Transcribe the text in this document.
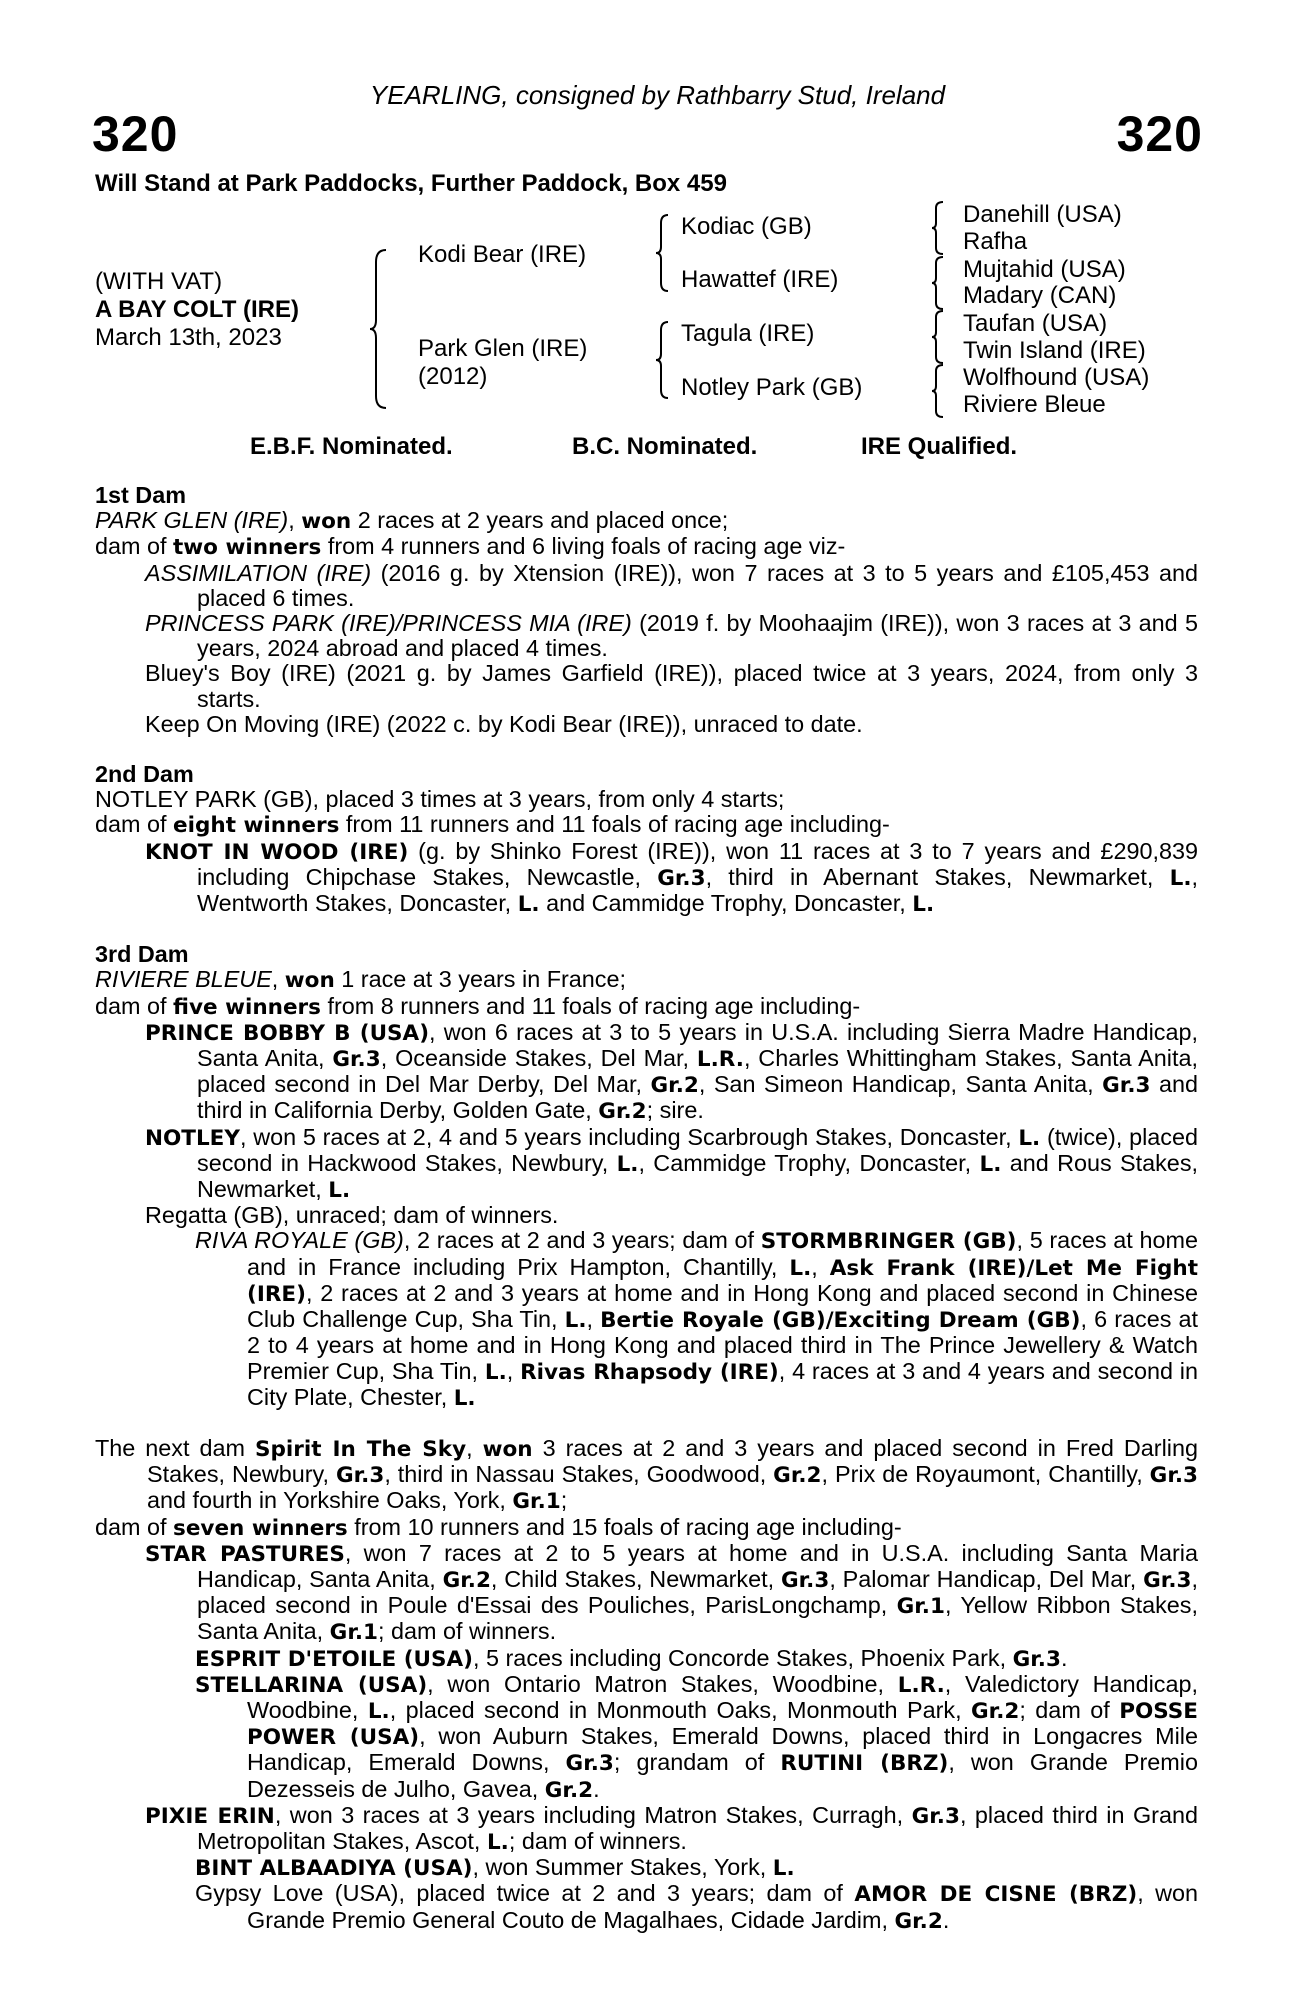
YEARLING, consigned by Rathbarry Stud, Ireland
320	320
Will Stand at Park Paddocks, Further Paddock, Box 459
(WITH VAT)
A BAY COLT (IRE)
March 13th, 2023
Kodi Bear (IRE)
Park Glen (IRE)
(2012)
Kodiac (GB)
Hawattef (IRE)
Tagula (IRE)
Notley Park (GB)
Danehill (USA)
Rafha
Mujtahid (USA)
Madary (CAN)
Taufan (USA)
Twin Island (IRE)
Wolfhound (USA)
Riviere Bleue
E.B.F. Nominated.	B.C. Nominated.	IRE Qualified.
1st Dam
PARK GLEN (IRE), won 2 races at 2 years and placed once;
dam of two winners from 4 runners and 6 living foals of racing age viz-
ASSIMILATION (IRE) (2016 g. by Xtension (IRE)), won 7 races at 3 to 5 years and £105,453 and placed 6 times.
PRINCESS PARK (IRE)/PRINCESS MIA (IRE) (2019 f. by Moohaajim (IRE)), won 3 races at 3 and 5 years, 2024 abroad and placed 4 times.
Bluey's Boy (IRE) (2021 g. by James Garfield (IRE)), placed twice at 3 years, 2024, from only 3 starts.
Keep On Moving (IRE) (2022 c. by Kodi Bear (IRE)), unraced to date.
2nd Dam
NOTLEY PARK (GB), placed 3 times at 3 years, from only 4 starts;
dam of eight winners from 11 runners and 11 foals of racing age including-
KNOT IN WOOD (IRE) (g. by Shinko Forest (IRE)), won 11 races at 3 to 7 years and £290,839 including Chipchase Stakes, Newcastle, Gr.3, third in Abernant Stakes, Newmarket, L., Wentworth Stakes, Doncaster, L. and Cammidge Trophy, Doncaster, L.
3rd Dam
RIVIERE BLEUE, won 1 race at 3 years in France;
dam of five winners from 8 runners and 11 foals of racing age including-
PRINCE BOBBY B (USA), won 6 races at 3 to 5 years in U.S.A. including Sierra Madre Handicap, Santa Anita, Gr.3, Oceanside Stakes, Del Mar, L.R., Charles Whittingham Stakes, Santa Anita, placed second in Del Mar Derby, Del Mar, Gr.2, San Simeon Handicap, Santa Anita, Gr.3 and third in California Derby, Golden Gate, Gr.2; sire.
NOTLEY, won 5 races at 2, 4 and 5 years including Scarbrough Stakes, Doncaster, L. (twice), placed second in Hackwood Stakes, Newbury, L., Cammidge Trophy, Doncaster, L. and Rous Stakes, Newmarket, L.
Regatta (GB), unraced; dam of winners.
RIVA ROYALE (GB), 2 races at 2 and 3 years; dam of STORMBRINGER (GB), 5 races at home and in France including Prix Hampton, Chantilly, L., Ask Frank (IRE)/Let Me Fight (IRE), 2 races at 2 and 3 years at home and in Hong Kong and placed second in Chinese Club Challenge Cup, Sha Tin, L., Bertie Royale (GB)/Exciting Dream (GB), 6 races at 2 to 4 years at home and in Hong Kong and placed third in The Prince Jewellery & Watch Premier Cup, Sha Tin, L., Rivas Rhapsody (IRE), 4 races at 3 and 4 years and second in City Plate, Chester, L.
The next dam Spirit In The Sky, won 3 races at 2 and 3 years and placed second in Fred Darling Stakes, Newbury, Gr.3, third in Nassau Stakes, Goodwood, Gr.2, Prix de Royaumont, Chantilly, Gr.3 and fourth in Yorkshire Oaks, York, Gr.1;
dam of seven winners from 10 runners and 15 foals of racing age including-
STAR PASTURES, won 7 races at 2 to 5 years at home and in U.S.A. including Santa Maria Handicap, Santa Anita, Gr.2, Child Stakes, Newmarket, Gr.3, Palomar Handicap, Del Mar, Gr.3, placed second in Poule d'Essai des Pouliches, ParisLongchamp, Gr.1, Yellow Ribbon Stakes, Santa Anita, Gr.1; dam of winners.
ESPRIT D'ETOILE (USA), 5 races including Concorde Stakes, Phoenix Park, Gr.3.
STELLARINA (USA), won Ontario Matron Stakes, Woodbine, L.R., Valedictory Handicap, Woodbine, L., placed second in Monmouth Oaks, Monmouth Park, Gr.2; dam of POSSE POWER (USA), won Auburn Stakes, Emerald Downs, placed third in Longacres Mile Handicap, Emerald Downs, Gr.3; grandam of RUTINI (BRZ), won Grande Premio Dezesseis de Julho, Gavea, Gr.2.
PIXIE ERIN, won 3 races at 3 years including Matron Stakes, Curragh, Gr.3, placed third in Grand Metropolitan Stakes, Ascot, L.; dam of winners.
BINT ALBAADIYA (USA), won Summer Stakes, York, L.
Gypsy Love (USA), placed twice at 2 and 3 years; dam of AMOR DE CISNE (BRZ), won Grande Premio General Couto de Magalhaes, Cidade Jardim, Gr.2.
